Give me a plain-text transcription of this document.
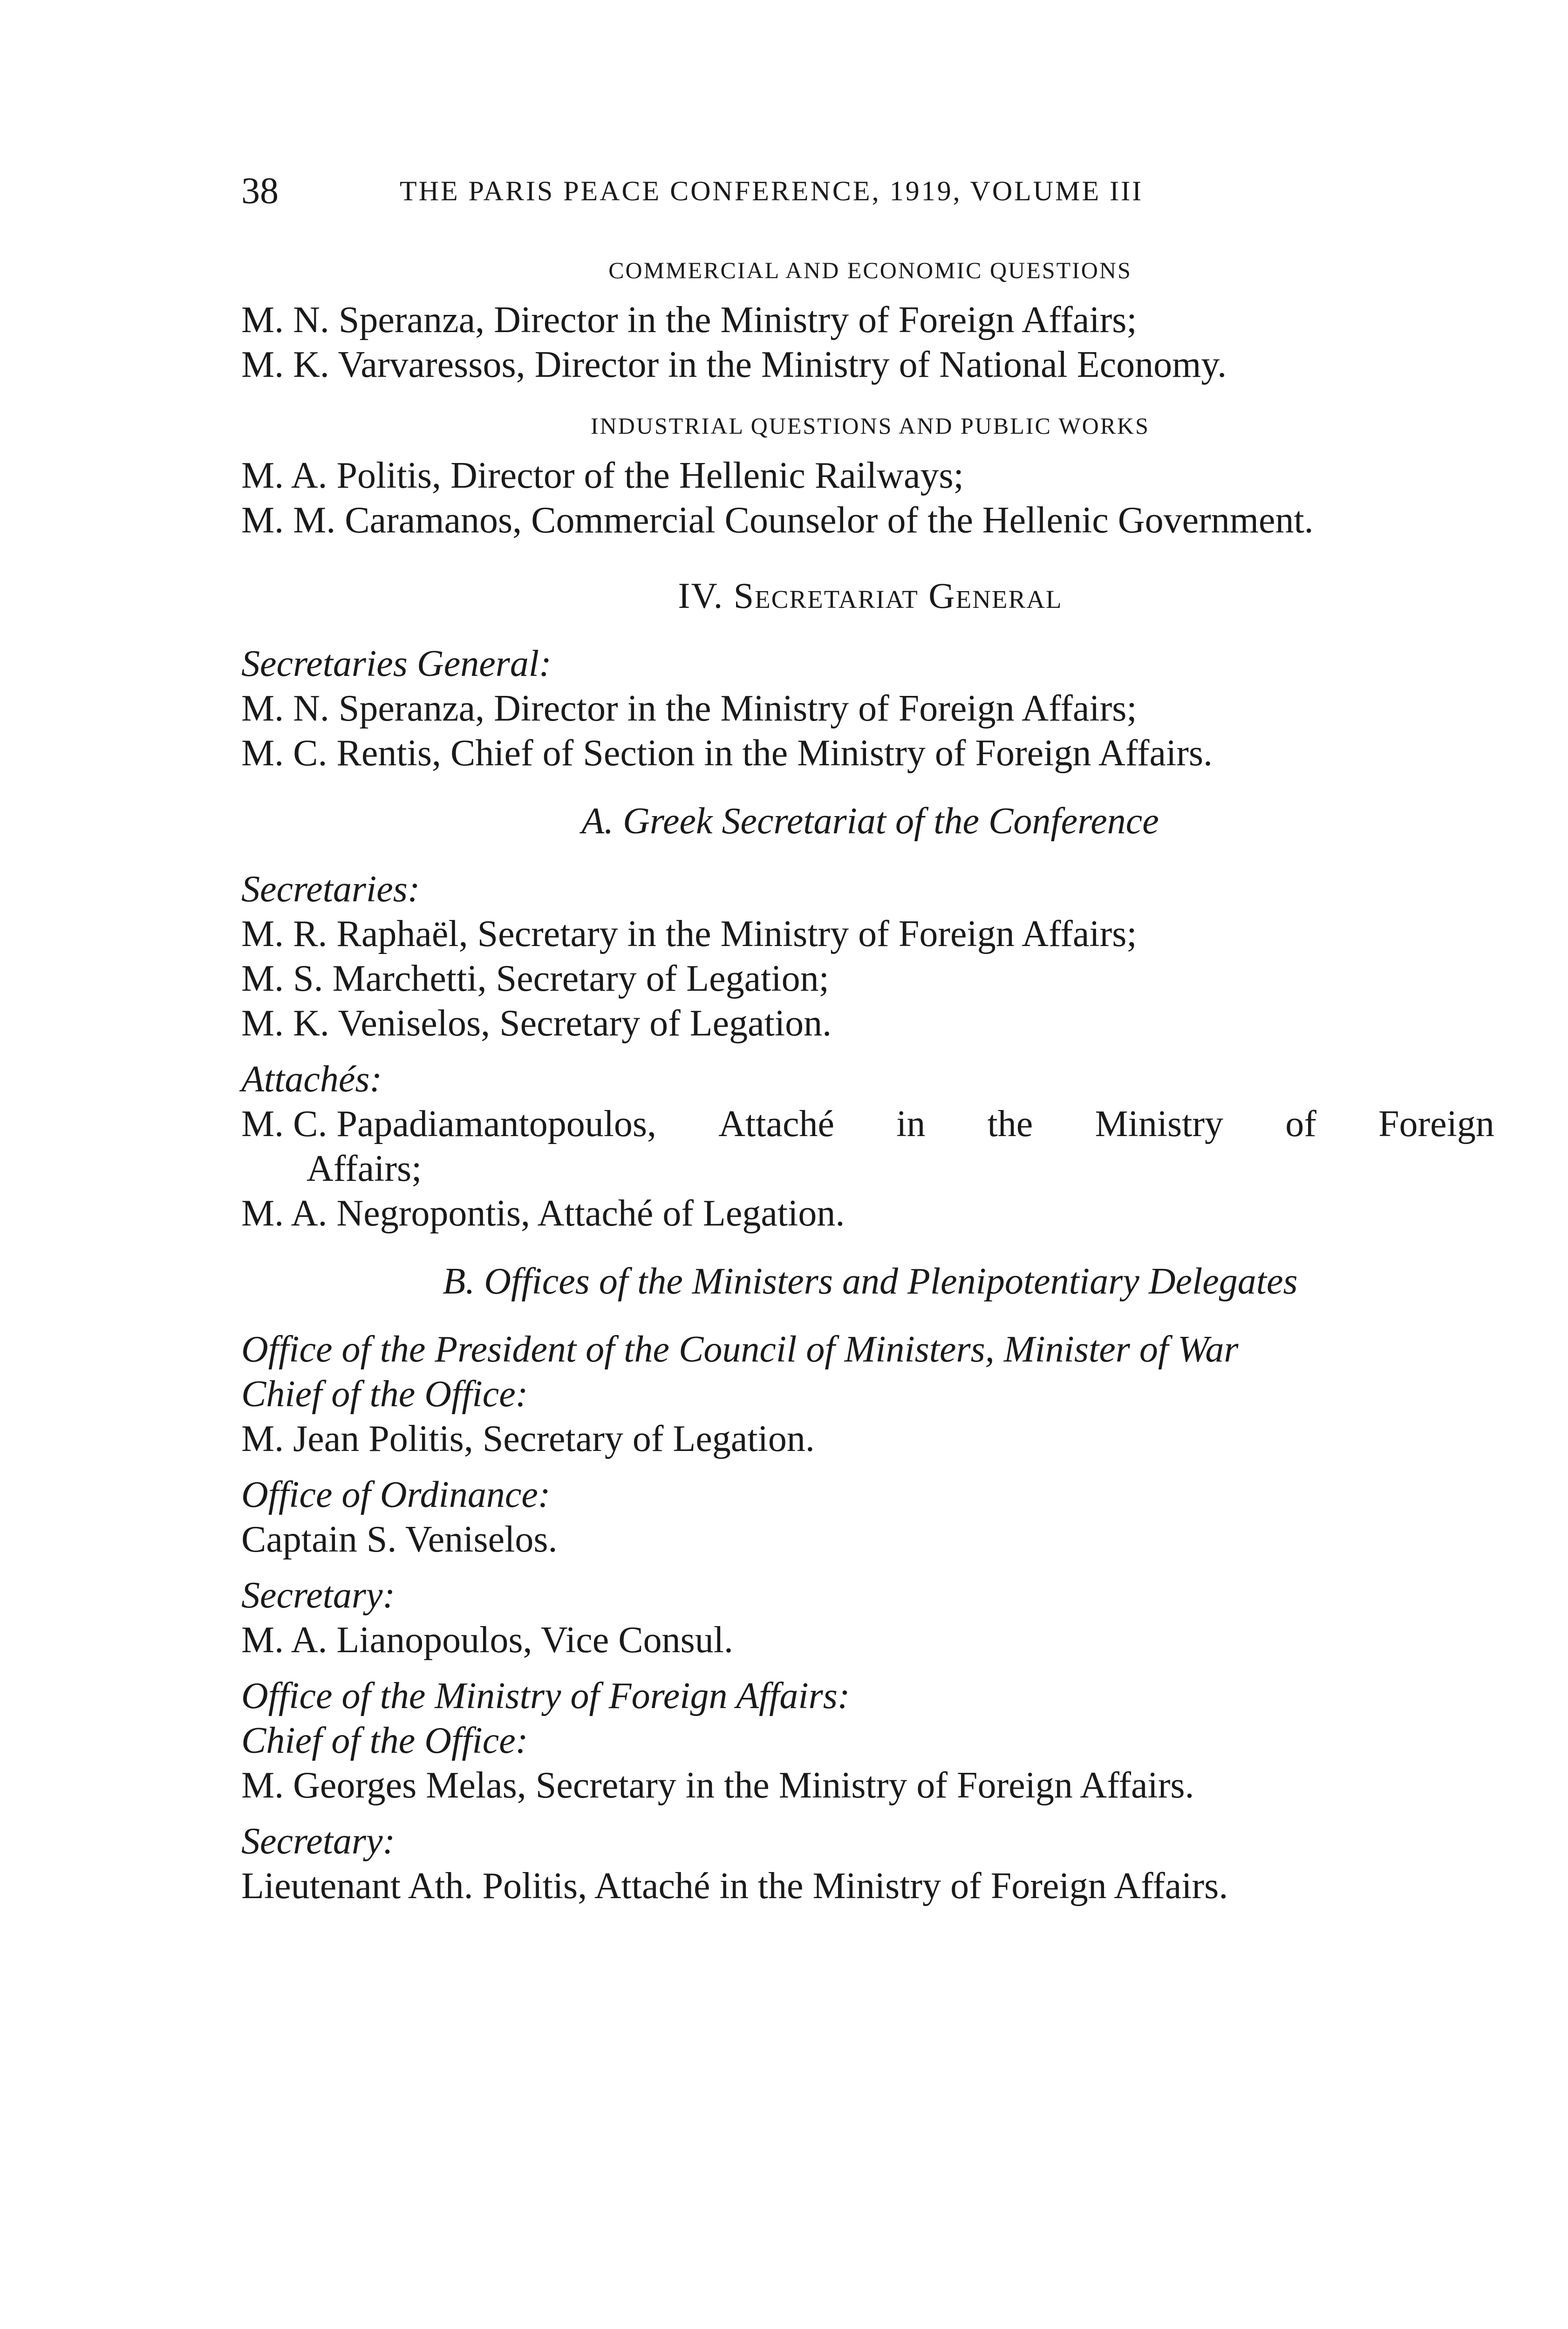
38	THE PARIS PEACE CONFERENCE, 1919, VOLUME III
COMMERCIAL AND ECONOMIC QUESTIONS
M. N. Speranza, Director in the Ministry of Foreign Affairs;
M. K. Varvaressos, Director in the Ministry of National Economy.
INDUSTRIAL QUESTIONS AND PUBLIC WORKS
M. A. Politis, Director of the Hellenic Railways;
M. M. Caramanos, Commercial Counselor of the Hellenic Government.
IV. Secretariat General
Secretaries General:
M. N. Speranza, Director in the Ministry of Foreign Affairs;
M. C. Rentis, Chief of Section in the Ministry of Foreign Affairs.
A. Greek Secretariat of the Conference
Secretaries:
M. R. Raphaël, Secretary in the Ministry of Foreign Affairs;
M. S. Marchetti, Secretary of Legation;
M. K. Veniselos, Secretary of Legation.
Attachés:
M. C. Papadiamantopoulos, Attaché in the Ministry of Foreign
Affairs;
M. A. Negropontis, Attaché of Legation.
B. Offices of the Ministers and Plenipotentiary Delegates
Office of the President of the Council of Ministers, Minister of War
Chief of the Office:
M. Jean Politis, Secretary of Legation.
Office of Ordinance:
Captain S. Veniselos.
Secretary:
M. A. Lianopoulos, Vice Consul.
Office of the Ministry of Foreign Affairs:
Chief of the Office:
M. Georges Melas, Secretary in the Ministry of Foreign Affairs.
Secretary:
Lieutenant Ath. Politis, Attaché in the Ministry of Foreign Affairs.
